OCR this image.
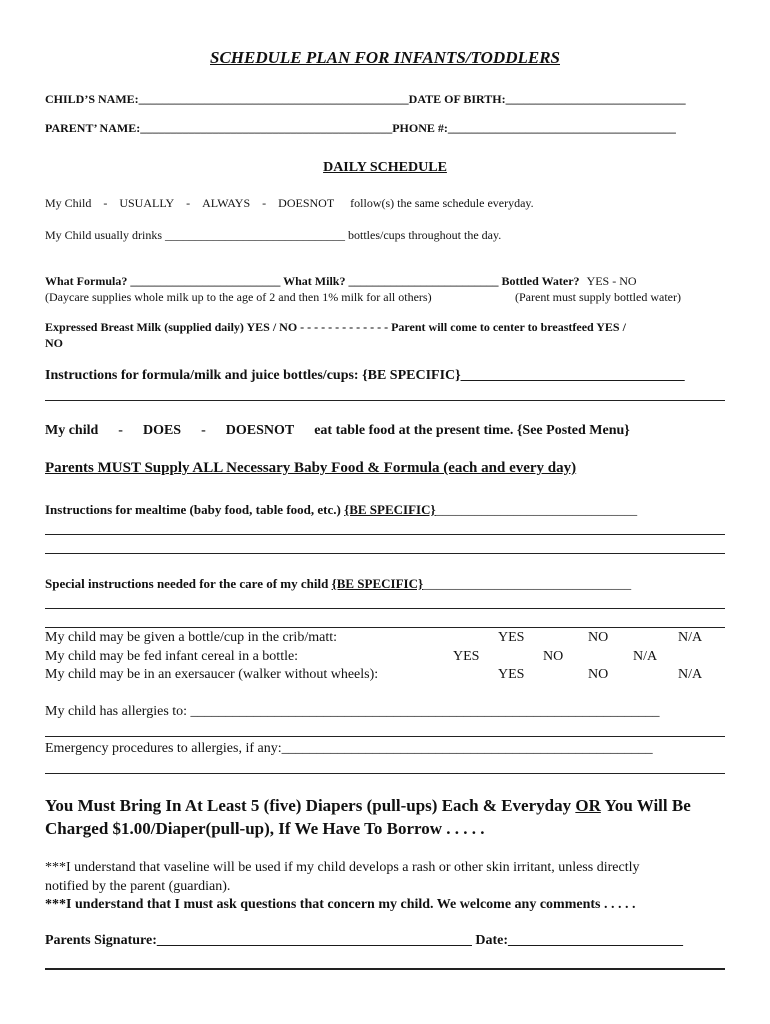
SCHEDULE PLAN FOR INFANTS/TODDLERS
CHILD’S NAME:_____________________________________________DATE OF BIRTH:______________________________
PARENT’ NAME:__________________________________________PHONE #:______________________________________
DAILY SCHEDULE
My Child - USUALLY - ALWAYS - DOESNOT follow(s) the same schedule everyday.
My Child usually drinks ______________________________ bottles/cups throughout the day.
What Formula? _________________________ What Milk? _________________________ Bottled Water? YES - NO
(Daycare supplies whole milk up to the age of 2 and then 1% milk for all others)	(Parent must supply bottled water)
Expressed Breast Milk (supplied daily) YES / NO - - - - - - - - - - - - - Parent will come to center to breastfeed YES /
NO
Instructions for formula/milk and juice bottles/cups: {BE SPECIFIC}________________________________
My child - DOES - DOESNOT eat table food at the present time. {See Posted Menu}
Parents MUST Supply ALL Necessary Baby Food & Formula (each and every day)
Instructions for mealtime (baby food, table food, etc.) {BE SPECIFIC}_______________________________
Special instructions needed for the care of my child {BE SPECIFIC}________________________________
My child may be given a bottle/cup in the crib/matt:	YES	NO	N/A
My child may be fed infant cereal in a bottle:	YES	NO	N/A
My child may be in an exersaucer (walker without wheels):	YES	NO	N/A
My child has allergies to: ___________________________________________________________________
Emergency procedures to allergies, if any:_____________________________________________________
You Must Bring In At Least 5 (five) Diapers (pull-ups) Each & Everyday OR You Will Be
Charged $1.00/Diaper(pull-up), If We Have To Borrow . . . . .
***I understand that vaseline will be used if my child develops a rash or other skin irritant, unless directly
notified by the parent (guardian).
***I understand that I must ask questions that concern my child. We welcome any comments . . . . .
Parents Signature:_____________________________________________ Date:_________________________
